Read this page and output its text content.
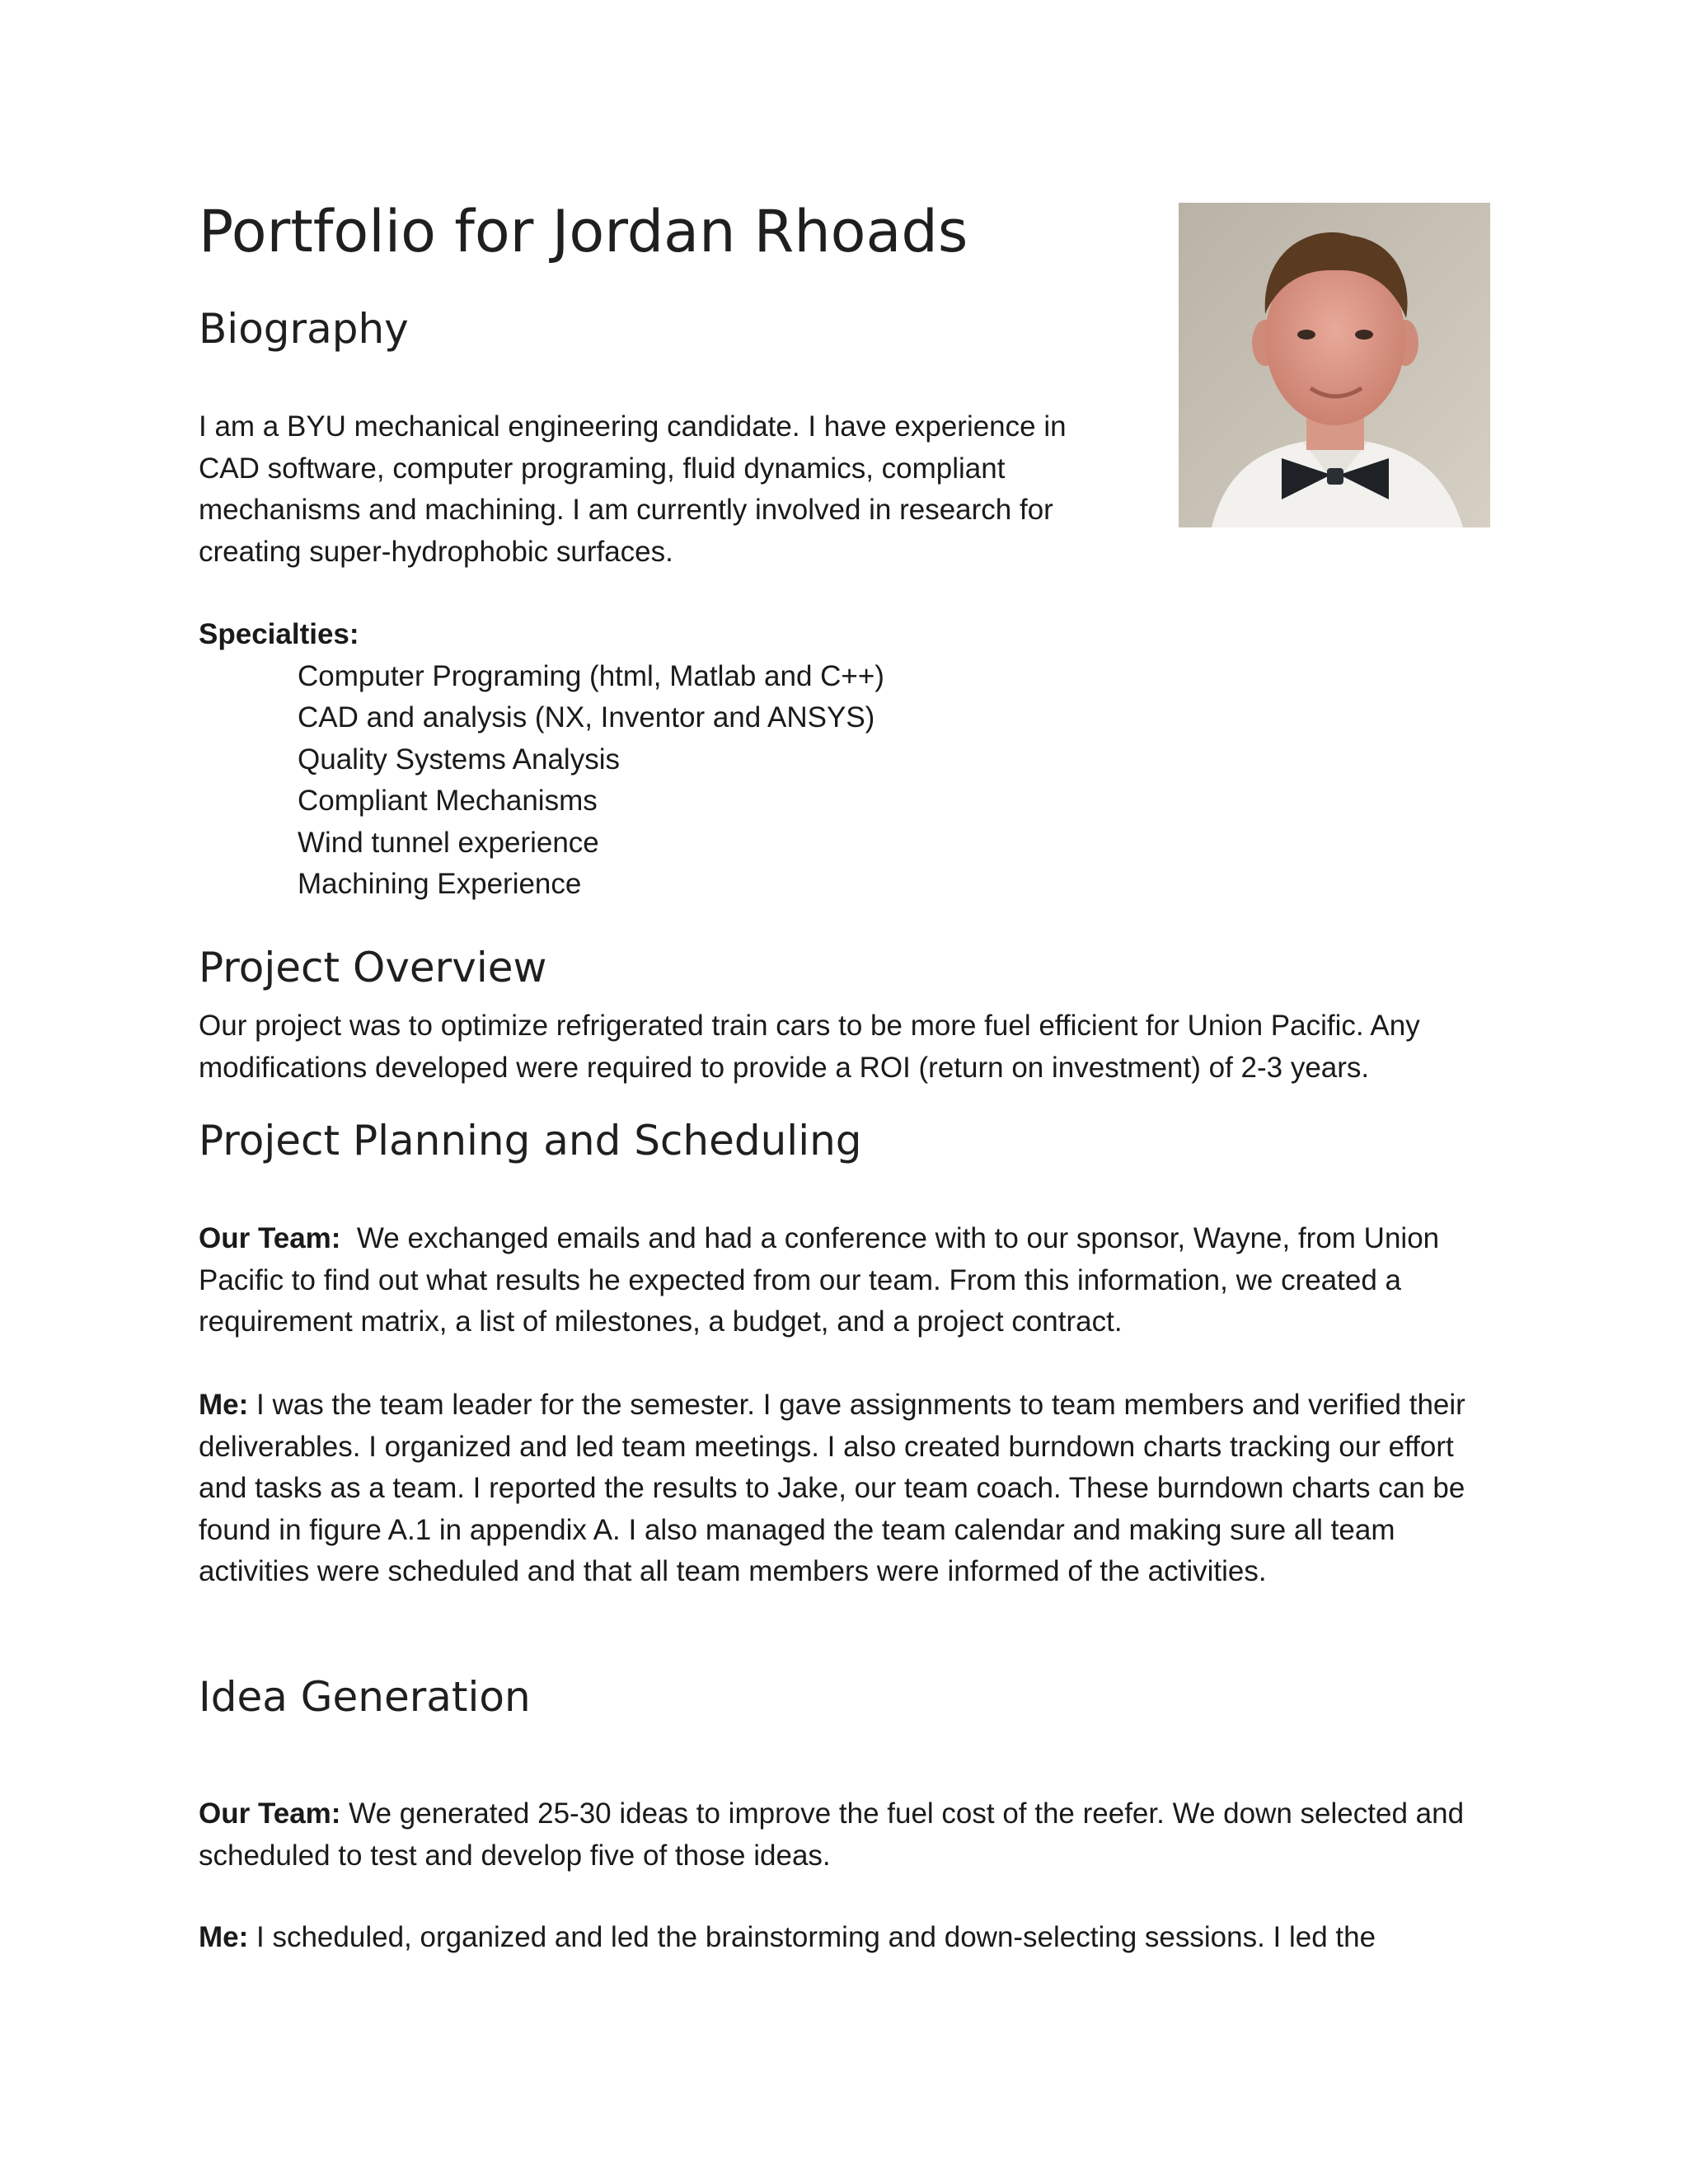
Portfolio for Jordan Rhoads
Biography

I am a BYU mechanical engineering candidate. I have experience in CAD software, computer programing, fluid dynamics, compliant mechanisms and machining. I am currently involved in research for creating super-hydrophobic surfaces.

Specialties:

Computer Programing (html, Matlab and C++)
CAD and analysis (NX, Inventor and ANSYS)
Quality Systems Analysis
Compliant Mechanisms
Wind tunnel experience
Machining Experience
Project Overview

Our project was to optimize refrigerated train cars to be more fuel efficient for Union Pacific. Any modifications developed were required to provide a ROI (return on investment) of 2-3 years.

Project Planning and Scheduling

Our Team: We exchanged emails and had a conference with to our sponsor, Wayne, from Union Pacific to find out what results he expected from our team. From this information, we created a requirement matrix, a list of milestones, a budget, and a project contract.

Me: I was the team leader for the semester. I gave assignments to team members and verified their deliverables. I organized and led team meetings. I also created burndown charts tracking our effort and tasks as a team. I reported the results to Jake, our team coach. These burndown charts can be found in figure A.1 in appendix A. I also managed the team calendar and making sure all team activities were scheduled and that all team members were informed of the activities.

Idea Generation

Our Team: We generated 25-30 ideas to improve the fuel cost of the reefer. We down selected and scheduled to test and develop five of those ideas.

Me: I scheduled, organized and led the brainstorming and down-selecting sessions. I led the
